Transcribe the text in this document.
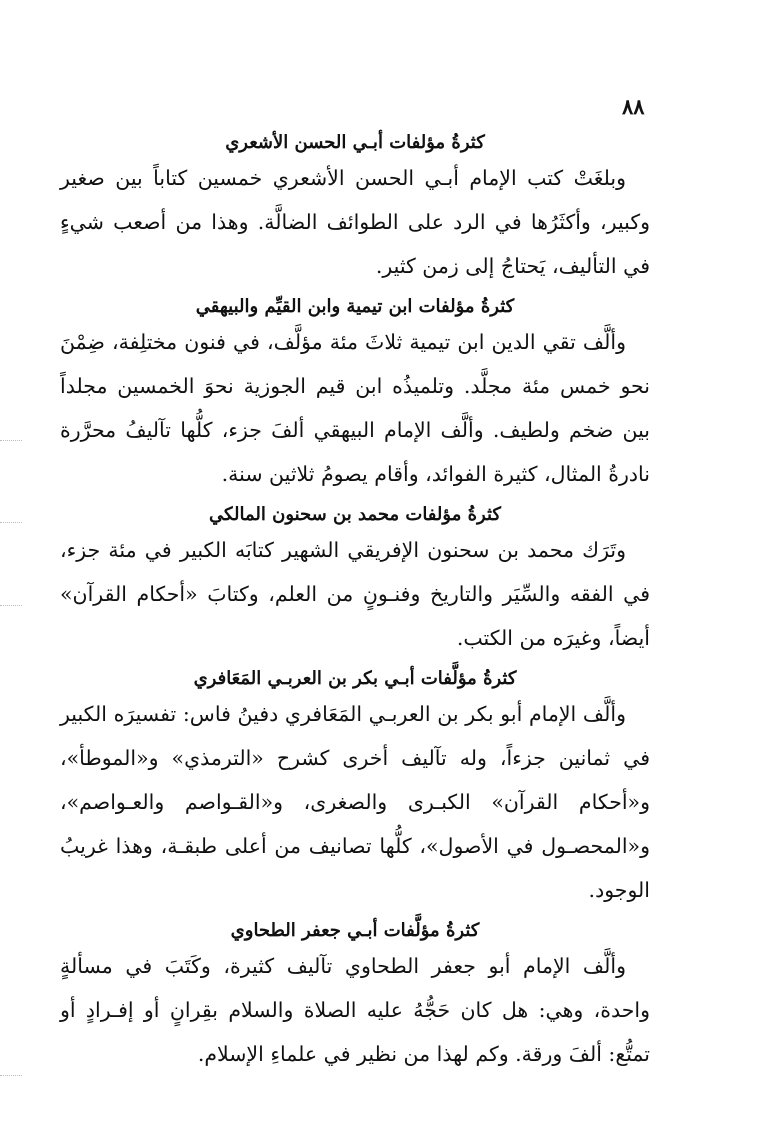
٨٨
كثرةُ مؤلفات أبـي الحسن الأشعري

وبلغَتْ كتب الإمام أبـي الحسن الأشعري خمسين كتاباً بين صغير وكبير، وأكثَرُها في الرد على الطوائف الضالَّة. وهذا من أصعب شيءٍ في التأليف، يَحتاجُ إلى زمن كثير.

كثرةُ مؤلفات ابن تيمية وابن القيِّم والبيهقي

وألَّف تقي الدين ابن تيمية ثلاثَ مئة مؤلَّف، في فنون مختلِفة، ضِمْنَ نحو خمس مئة مجلَّد. وتلميذُه ابن قيم الجوزية نحوَ الخمسين مجلداً بين ضخم ولطيف. وألَّف الإمام البيهقي ألفَ جزء، كلُّها تآليفُ محرَّرة نادرةُ المثال، كثيرة الفوائد، وأقام يصومُ ثلاثين سنة.

كثرةُ مؤلفات محمد بن سحنون المالكي

وتَرَك محمد بن سحنون الإفريقي الشهير كتابَه الكبير في مئة جزء، في الفقه والسِّيَر والتاريخ وفنـونٍ من العلم، وكتابَ «أحكام القرآن» أيضاً، وغيرَه من الكتب.

كثرةُ مؤلَّفات أبـي بكر بن العربـي المَعَافري

وألَّف الإمام أبو بكر بن العربـي المَعَافري دفينُ فاس: تفسيرَه الكبير في ثمانين جزءاً، وله تآليف أخرى كشرح «الترمذي» و«الموطأ»، و«أحكام القرآن» الكبـرى والصغرى، و«القـواصم والعـواصم»، و«المحصـول في الأصول»، كلُّها تصانيف من أعلى طبقـة، وهذا غريبُ الوجود.

كثرةُ مؤلَّفات أبـي جعفر الطحاوي

وألَّف الإمام أبو جعفر الطحاوي تآليف كثيرة، وكَتَبَ في مسألةٍ واحدة، وهي: هل كان حَجُّهُ عليه الصلاة والسلام بقِرانٍ أو إفـرادٍ أو تمتُّع: ألفَ ورقة. وكم لهذا من نظير في علماءِ الإسلام.
